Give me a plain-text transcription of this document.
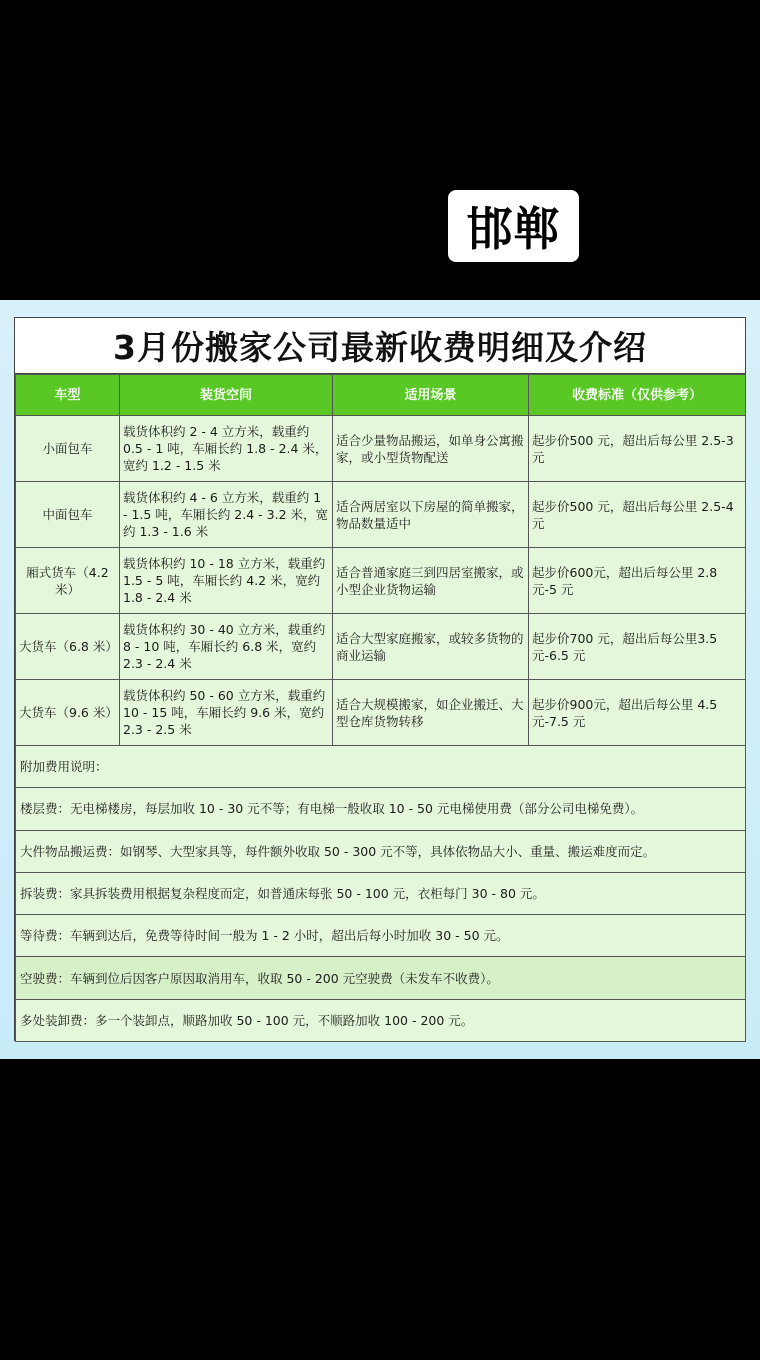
邯郸
3月份搬家公司最新收费明细及介绍
车型	装货空间	适用场景	收费标准（仅供参考）
小面包车	载货体积约 2 - 4 立方米，载重约 0.5 - 1 吨，车厢长约 1.8 - 2.4 米，宽约 1.2 - 1.5 米	适合少量物品搬运，如单身公寓搬家，或小型货物配送	起步价500 元，超出后每公里 2.5-3 元
中面包车	载货体积约 4 - 6 立方米，载重约 1 - 1.5 吨，车厢长约 2.4 - 3.2 米，宽约 1.3 - 1.6 米	适合两居室以下房屋的简单搬家，物品数量适中	起步价500 元，超出后每公里 2.5-4 元
厢式货车（4.2 米）	载货体积约 10 - 18 立方米，载重约 1.5 - 5 吨，车厢长约 4.2 米，宽约 1.8 - 2.4 米	适合普通家庭三到四居室搬家，或小型企业货物运输	起步价600元，超出后每公里 2.8元-5 元
大货车（6.8 米）	载货体积约 30 - 40 立方米，载重约 8 - 10 吨，车厢长约 6.8 米，宽约 2.3 - 2.4 米	适合大型家庭搬家，或较多货物的商业运输	起步价700 元，超出后每公里3.5元-6.5 元
大货车（9.6 米）	载货体积约 50 - 60 立方米，载重约 10 - 15 吨，车厢长约 9.6 米，宽约 2.3 - 2.5 米	适合大规模搬家，如企业搬迁、大型仓库货物转移	起步价900元，超出后每公里 4.5元-7.5 元
附加费用说明：			
楼层费：无电梯楼房，每层加收 10 - 30 元不等；有电梯一般收取 10 - 50 元电梯使用费（部分公司电梯免费）。			
大件物品搬运费：如钢琴、大型家具等，每件额外收取 50 - 300 元不等，具体依物品大小、重量、搬运难度而定。			
拆装费：家具拆装费用根据复杂程度而定，如普通床每张 50 - 100 元，衣柜每门 30 - 80 元。			
等待费：车辆到达后，免费等待时间一般为 1 - 2 小时，超出后每小时加收 30 - 50 元。			
空驶费：车辆到位后因客户原因取消用车，收取 50 - 200 元空驶费（未发车不收费）。			
多处装卸费：多一个装卸点，顺路加收 50 - 100 元，不顺路加收 100 - 200 元。			
